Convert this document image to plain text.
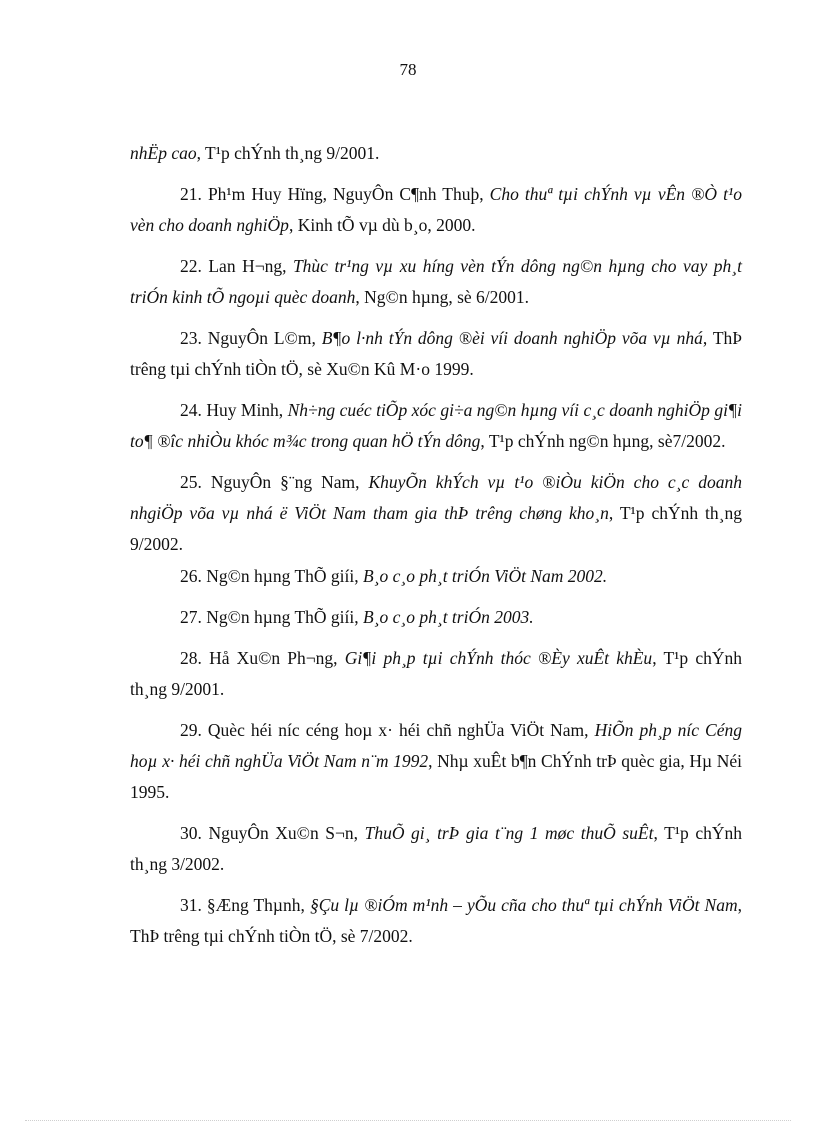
78

nhËp cao, T¹p chÝnh th¸ng 9/2001.

21. Ph¹m Huy Hïng, NguyÔn C¶nh Thuþ, Cho thuª tµi chÝnh vµ vÊn ®Ò t¹o vèn cho doanh nghiÖp, Kinh tÕ vµ dù b¸o, 2000.

22. Lan H¬ng, Thùc tr¹ng vµ xu híng vèn tÝn dông ng©n hµng cho vay ph¸t triÓn kinh tÕ ngoµi quèc doanh, Ng©n hµng, sè 6/2001.

23. NguyÔn L©m, B¶o l·nh tÝn dông ®èi víi doanh nghiÖp võa vµ nhá, ThÞ trêng tµi chÝnh tiÒn tÖ, sè Xu©n Kû M·o 1999.

24. Huy Minh, Nh÷ng cuéc tiÕp xóc gi÷a ng©n hµng víi c¸c doanh nghiÖp gi¶i to¶ ®îc nhiÒu khóc m¾c trong quan hÖ tÝn dông, T¹p chÝnh ng©n hµng, sè7/2002.

25. NguyÔn §¨ng Nam, KhuyÕn khÝch vµ t¹o ®iÒu kiÖn cho c¸c doanh nhgiÖp võa vµ nhá ë ViÖt Nam tham gia thÞ trêng chøng kho¸n, T¹p chÝnh th¸ng 9/2002.

26. Ng©n hµng ThÕ giíi, B¸o c¸o ph¸t triÓn ViÖt Nam 2002.

27. Ng©n hµng ThÕ giíi, B¸o c¸o ph¸t triÓn 2003.

28. Hå Xu©n Ph¬ng, Gi¶i ph¸p tµi chÝnh thóc ®Èy xuÊt khÈu, T¹p chÝnh th¸ng 9/2001.

29. Quèc héi níc céng hoµ x· héi chñ nghÜa ViÖt Nam, HiÕn ph¸p níc Céng hoµ x· héi chñ nghÜa ViÖt Nam n¨m 1992, Nhµ xuÊt b¶n ChÝnh trÞ quèc gia, Hµ Néi 1995.

30. NguyÔn Xu©n S¬n, ThuÕ gi¸ trÞ gia t¨ng 1 møc thuÕ suÊt, T¹p chÝnh th¸ng 3/2002.

31. §Æng Thµnh, §Çu lµ ®iÓm m¹nh – yÕu cña cho thuª tµi chÝnh ViÖt Nam, ThÞ trêng tµi chÝnh tiÒn tÖ, sè 7/2002.
